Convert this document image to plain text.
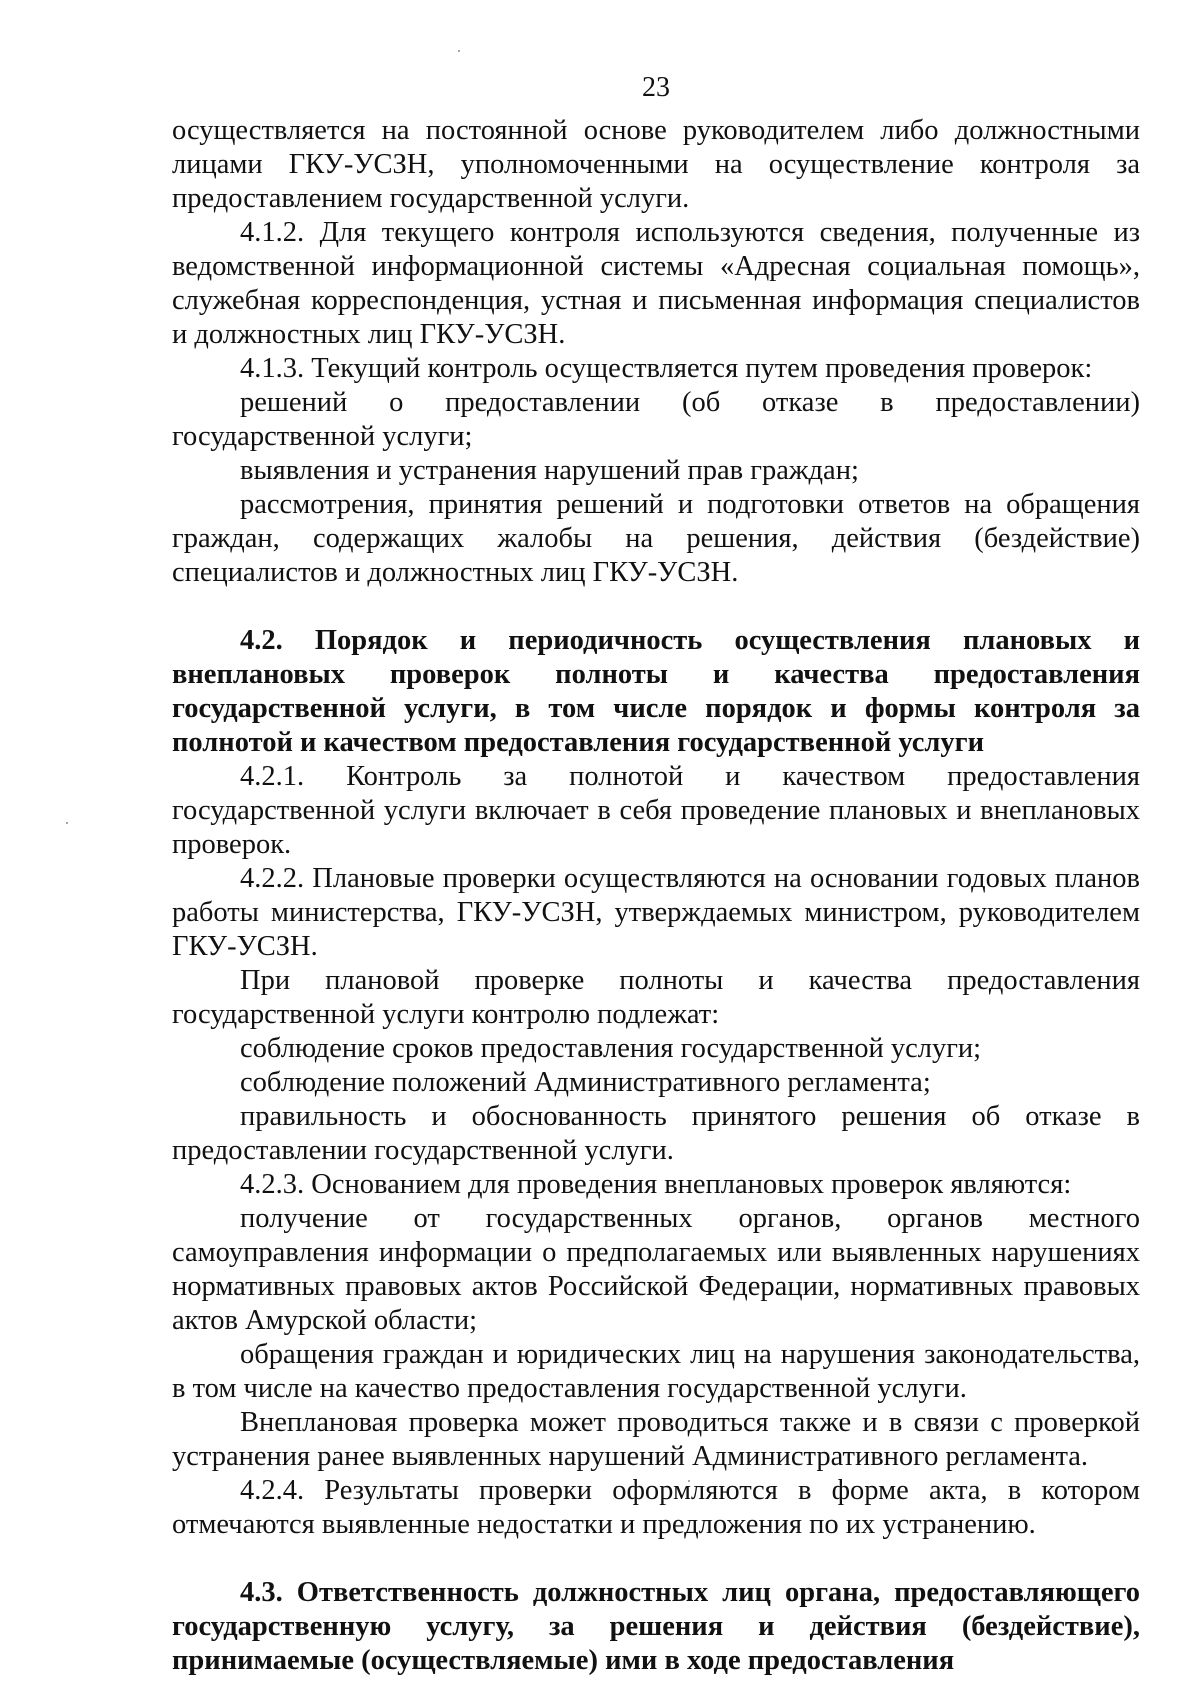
23

осуществляется на постоянной основе руководителем либо должностными лицами ГКУ-УСЗН, уполномоченными на осуществление контроля за предоставлением государственной услуги.

4.1.2. Для текущего контроля используются сведения, полученные из ведомственной информационной системы «Адресная социальная помощь», служебная корреспонденция, устная и письменная информация специалистов и должностных лиц ГКУ-УСЗН.

4.1.3. Текущий контроль осуществляется путем проведения проверок:

решений о предоставлении (об отказе в предоставлении) государственной услуги;

выявления и устранения нарушений прав граждан;

рассмотрения, принятия решений и подготовки ответов на обращения граждан, содержащих жалобы на решения, действия (бездействие) специалистов и должностных лиц ГКУ-УСЗН.

4.2. Порядок и периодичность осуществления плановых и внеплановых проверок полноты и качества предоставления государственной услуги, в том числе порядок и формы контроля за полнотой и качеством предоставления государственной услуги

4.2.1. Контроль за полнотой и качеством предоставления государственной услуги включает в себя проведение плановых и внеплановых проверок.

4.2.2. Плановые проверки осуществляются на основании годовых планов работы министерства, ГКУ-УСЗН, утверждаемых министром, руководителем ГКУ-УСЗН.

При плановой проверке полноты и качества предоставления государственной услуги контролю подлежат:

соблюдение сроков предоставления государственной услуги;

соблюдение положений Административного регламента;

правильность и обоснованность принятого решения об отказе в предоставлении государственной услуги.

4.2.3. Основанием для проведения внеплановых проверок являются:

получение от государственных органов, органов местного самоуправления информации о предполагаемых или выявленных нарушениях нормативных правовых актов Российской Федерации, нормативных правовых актов Амурской области;

обращения граждан и юридических лиц на нарушения законодательства, в том числе на качество предоставления государственной услуги.

Внеплановая проверка может проводиться также и в связи с проверкой устранения ранее выявленных нарушений Административного регламента.

4.2.4. Результаты проверки оформляются в форме акта, в котором отмечаются выявленные недостатки и предложения по их устранению.

4.3. Ответственность должностных лиц органа, предоставляющего государственную услугу, за решения и действия (бездействие), принимаемые (осуществляемые) ими в ходе предоставления
